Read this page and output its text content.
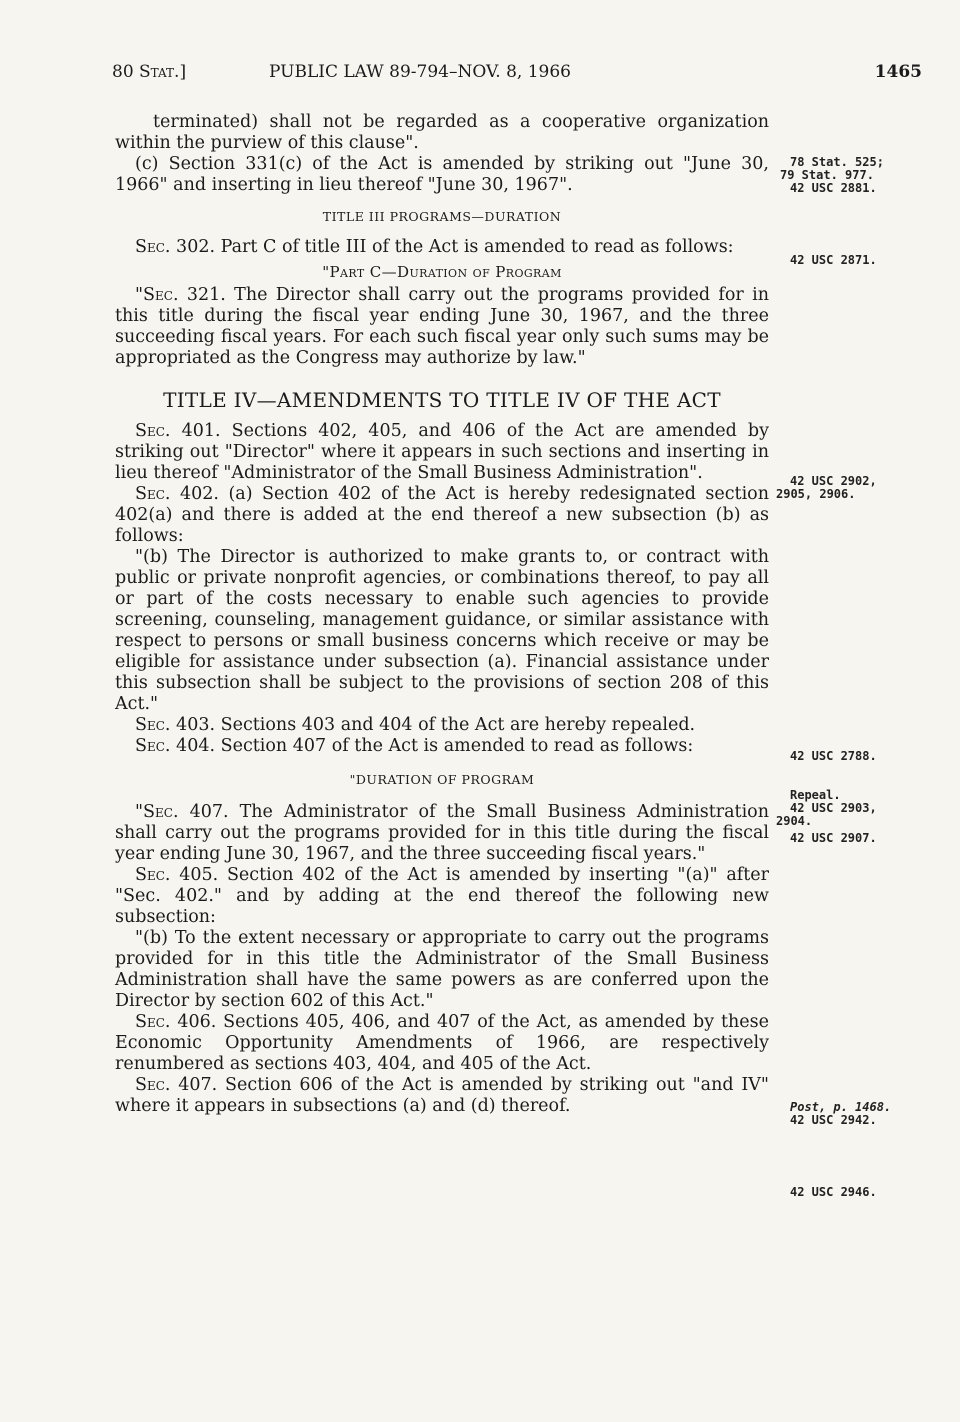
80 Stat.]	PUBLIC LAW 89-794–NOV. 8, 1966	1465

terminated) shall not be regarded as a cooperative organization within the purview of this clause".

(c) Section 331(c) of the Act is amended by striking out "June 30, 1966" and inserting in lieu thereof "June 30, 1967".

TITLE III PROGRAMS—DURATION

Sec. 302. Part C of title III of the Act is amended to read as follows:

"Part C—Duration of Program

"Sec. 321. The Director shall carry out the programs provided for in this title during the fiscal year ending June 30, 1967, and the three succeeding fiscal years. For each such fiscal year only such sums may be appropriated as the Congress may authorize by law."

TITLE IV—AMENDMENTS TO TITLE IV OF THE ACT

Sec. 401. Sections 402, 405, and 406 of the Act are amended by striking out "Director" where it appears in such sections and inserting in lieu thereof "Administrator of the Small Business Administration".

Sec. 402. (a) Section 402 of the Act is hereby redesignated section 402(a) and there is added at the end thereof a new subsection (b) as follows:

"(b) The Director is authorized to make grants to, or contract with public or private nonprofit agencies, or combinations thereof, to pay all or part of the costs necessary to enable such agencies to provide screening, counseling, management guidance, or similar assistance with respect to persons or small business concerns which receive or may be eligible for assistance under subsection (a). Financial assistance under this subsection shall be subject to the provisions of section 208 of this Act."

Sec. 403. Sections 403 and 404 of the Act are hereby repealed.

Sec. 404. Section 407 of the Act is amended to read as follows:

"DURATION OF PROGRAM

"Sec. 407. The Administrator of the Small Business Administration shall carry out the programs provided for in this title during the fiscal year ending June 30, 1967, and the three succeeding fiscal years."

Sec. 405. Section 402 of the Act is amended by inserting "(a)" after "Sec. 402." and by adding at the end thereof the following new subsection:

"(b) To the extent necessary or appropriate to carry out the programs provided for in this title the Administrator of the Small Business Administration shall have the same powers as are conferred upon the Director by section 602 of this Act."

Sec. 406. Sections 405, 406, and 407 of the Act, as amended by these Economic Opportunity Amendments of 1966, are respectively renumbered as sections 403, 404, and 405 of the Act.

Sec. 407. Section 606 of the Act is amended by striking out "and IV" where it appears in subsections (a) and (d) thereof.

78 Stat. 525;
79 Stat. 977.
42 USC 2881.
42 USC 2871.
42 USC 2902,
2905, 2906.
42 USC 2788.
Repeal.
42 USC 2903,
2904.
42 USC 2907.
Post, p. 1468.
42 USC 2942.
42 USC 2946.
